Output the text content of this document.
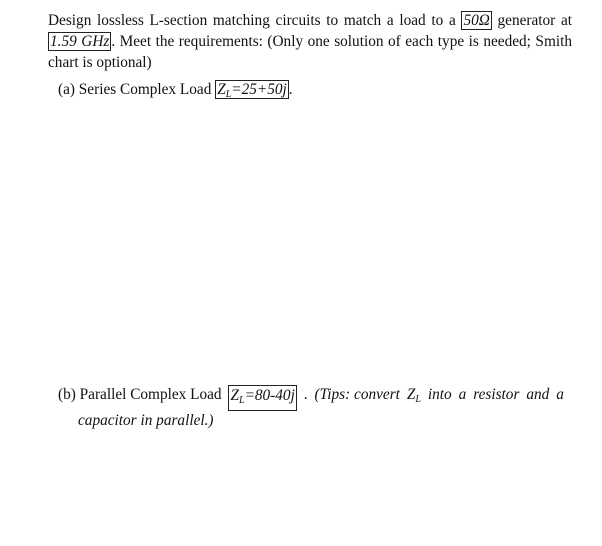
Design lossless L-section matching circuits to match a load to a 50Ω generator at 1.59 GHz . Meet the requirements: (Only one solution of each type is needed; Smith chart is optional)
(a) Series Complex Load $Z_L=25+50j$ .
(b) Parallel Complex Load $Z_L=80-40j$ . (Tips: convert $Z_L$ into a resistor and a
capacitor in parallel.)
